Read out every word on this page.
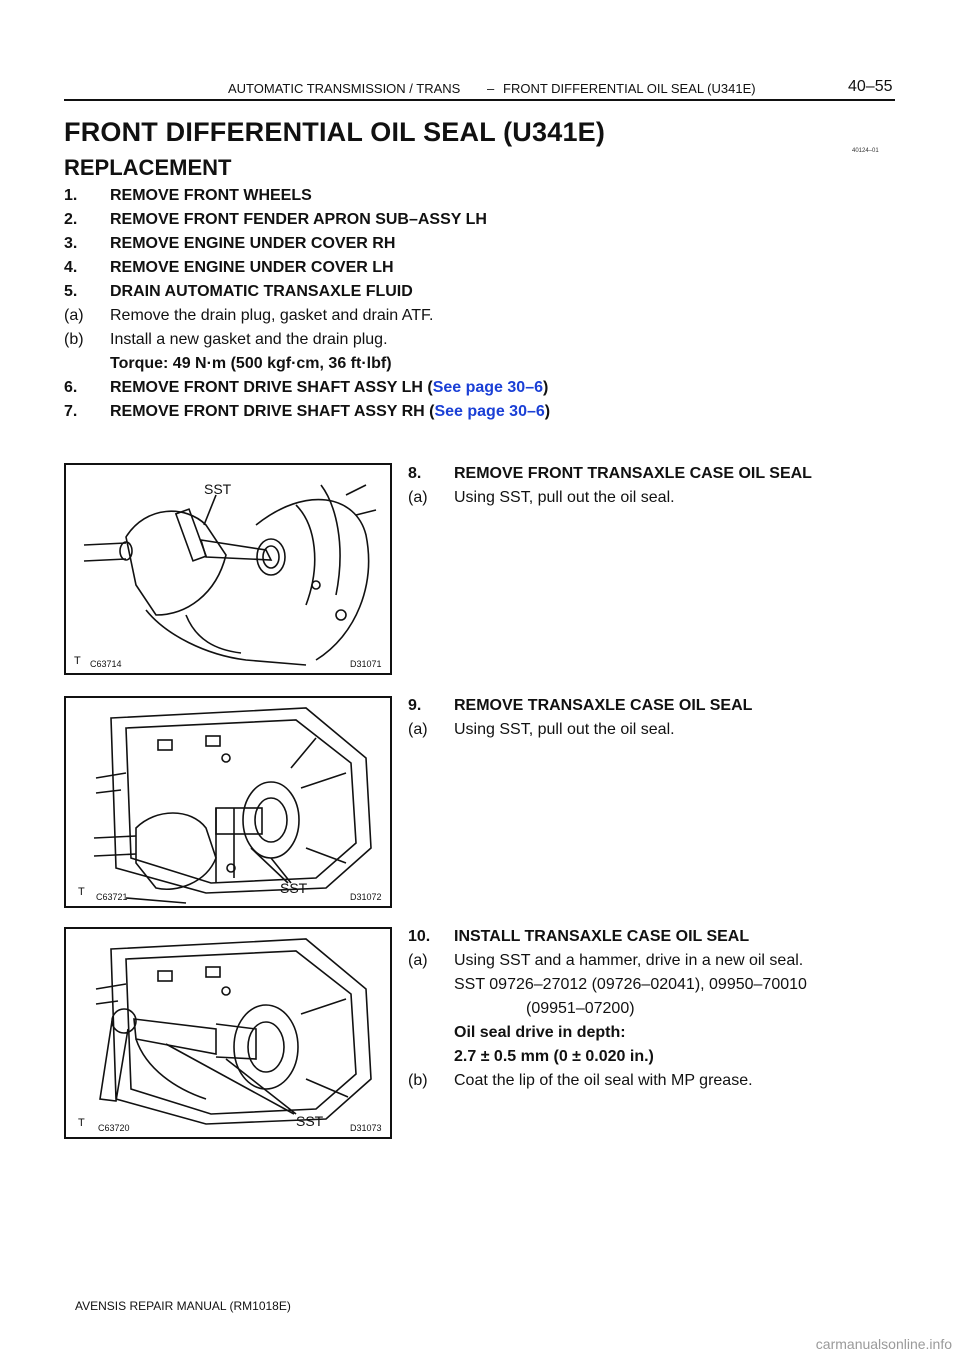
AUTOMATIC TRANSMISSION / TRANS – FRONT DIFFERENTIAL OIL SEAL (U341E)	40–55
FRONT DIFFERENTIAL OIL SEAL (U341E)
40124–01
REPLACEMENT
1. REMOVE FRONT WHEELS
2. REMOVE FRONT FENDER APRON SUB–ASSY LH
3. REMOVE ENGINE UNDER COVER RH
4. REMOVE ENGINE UNDER COVER LH
5. DRAIN AUTOMATIC TRANSAXLE FLUID
(a) Remove the drain plug, gasket and drain ATF.
(b) Install a new gasket and the drain plug.
Torque: 49 N·m (500 kgf·cm, 36 ft·lbf)
6. REMOVE FRONT DRIVE SHAFT ASSY LH (See page 30–6)
7. REMOVE FRONT DRIVE SHAFT ASSY RH (See page 30–6)
SST
T C63714	D31071
8. REMOVE FRONT TRANSAXLE CASE OIL SEAL
(a) Using SST, pull out the oil seal.
SST
T C63721	D31072
9. REMOVE TRANSAXLE CASE OIL SEAL
(a) Using SST, pull out the oil seal.
SST
T C63720	D31073
10. INSTALL TRANSAXLE CASE OIL SEAL
(a) Using SST and a hammer, drive in a new oil seal.
SST 09726–27012 (09726–02041), 09950–70010
(09951–07200)
Oil seal drive in depth:
2.7 ± 0.5 mm (0 ± 0.020 in.)
(b) Coat the lip of the oil seal with MP grease.
AVENSIS REPAIR MANUAL (RM1018E)
carmanualsonline.info
